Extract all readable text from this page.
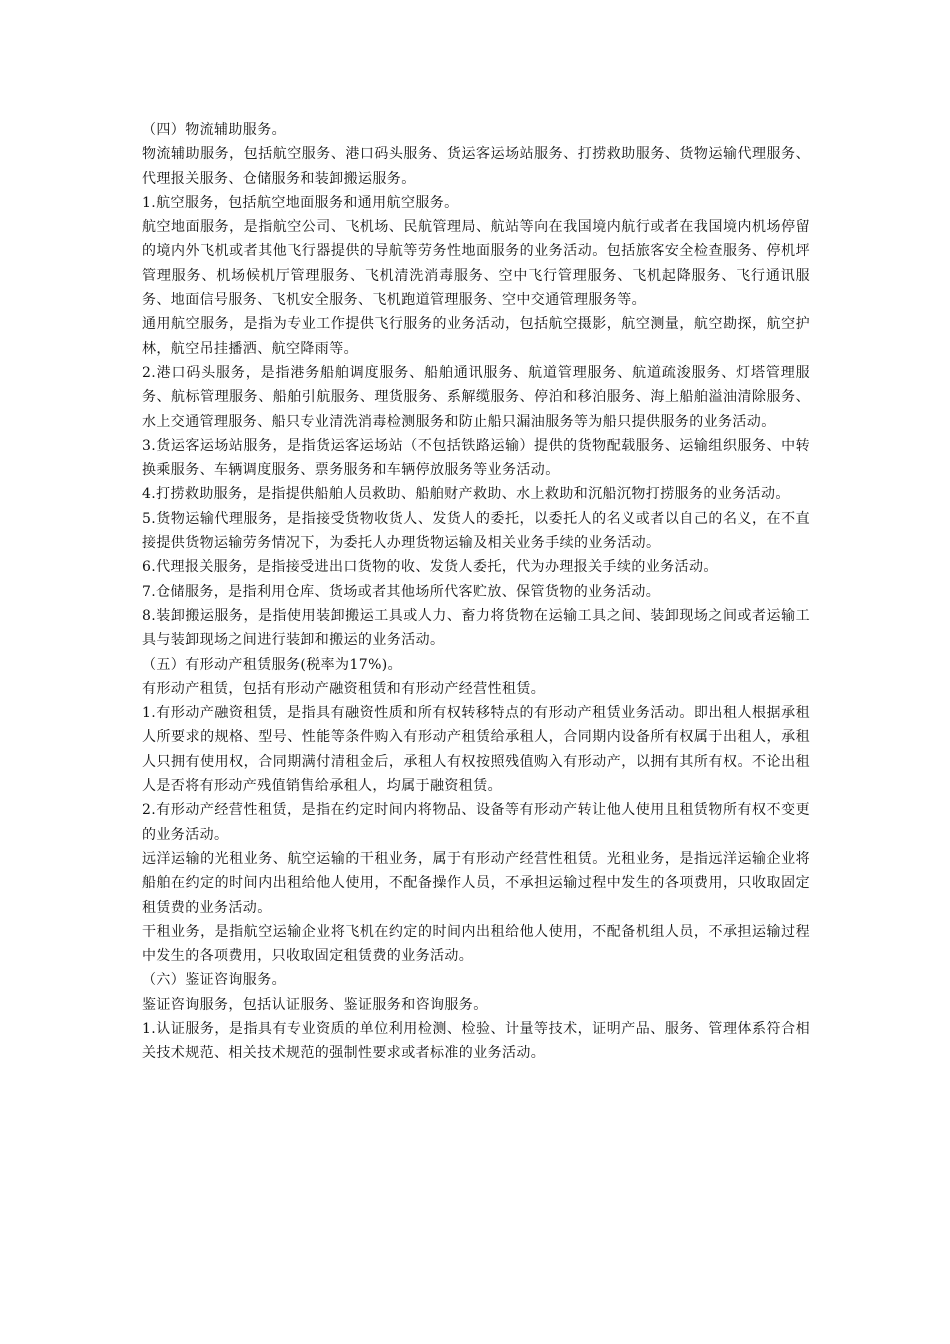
（四）物流辅助服务。

物流辅助服务，包括航空服务、港口码头服务、货运客运场站服务、打捞救助服务、货物运输代理服务、代理报关服务、仓储服务和装卸搬运服务。

1.航空服务，包括航空地面服务和通用航空服务。

航空地面服务，是指航空公司、飞机场、民航管理局、航站等向在我国境内航行或者在我国境内机场停留的境内外飞机或者其他飞行器提供的导航等劳务性地面服务的业务活动。包括旅客安全检查服务、停机坪管理服务、机场候机厅管理服务、飞机清洗消毒服务、空中飞行管理服务、飞机起降服务、飞行通讯服务、地面信号服务、飞机安全服务、飞机跑道管理服务、空中交通管理服务等。

通用航空服务，是指为专业工作提供飞行服务的业务活动，包括航空摄影，航空测量，航空勘探，航空护林，航空吊挂播洒、航空降雨等。

2.港口码头服务，是指港务船舶调度服务、船舶通讯服务、航道管理服务、航道疏浚服务、灯塔管理服务、航标管理服务、船舶引航服务、理货服务、系解缆服务、停泊和移泊服务、海上船舶溢油清除服务、水上交通管理服务、船只专业清洗消毒检测服务和防止船只漏油服务等为船只提供服务的业务活动。

3.货运客运场站服务，是指货运客运场站（不包括铁路运输）提供的货物配载服务、运输组织服务、中转换乘服务、车辆调度服务、票务服务和车辆停放服务等业务活动。

4.打捞救助服务，是指提供船舶人员救助、船舶财产救助、水上救助和沉船沉物打捞服务的业务活动。

5.货物运输代理服务，是指接受货物收货人、发货人的委托，以委托人的名义或者以自己的名义，在不直接提供货物运输劳务情况下，为委托人办理货物运输及相关业务手续的业务活动。

6.代理报关服务，是指接受进出口货物的收、发货人委托，代为办理报关手续的业务活动。

7.仓储服务，是指利用仓库、货场或者其他场所代客贮放、保管货物的业务活动。

8.装卸搬运服务，是指使用装卸搬运工具或人力、畜力将货物在运输工具之间、装卸现场之间或者运输工具与装卸现场之间进行装卸和搬运的业务活动。

（五）有形动产租赁服务(税率为17%)。

有形动产租赁，包括有形动产融资租赁和有形动产经营性租赁。

1.有形动产融资租赁，是指具有融资性质和所有权转移特点的有形动产租赁业务活动。即出租人根据承租人所要求的规格、型号、性能等条件购入有形动产租赁给承租人，合同期内设备所有权属于出租人，承租人只拥有使用权，合同期满付清租金后，承租人有权按照残值购入有形动产，以拥有其所有权。不论出租人是否将有形动产残值销售给承租人，均属于融资租赁。

2.有形动产经营性租赁，是指在约定时间内将物品、设备等有形动产转让他人使用且租赁物所有权不变更的业务活动。

远洋运输的光租业务、航空运输的干租业务，属于有形动产经营性租赁。光租业务，是指远洋运输企业将船舶在约定的时间内出租给他人使用，不配备操作人员，不承担运输过程中发生的各项费用，只收取固定租赁费的业务活动。

干租业务，是指航空运输企业将飞机在约定的时间内出租给他人使用，不配备机组人员，不承担运输过程中发生的各项费用，只收取固定租赁费的业务活动。

（六）鉴证咨询服务。

鉴证咨询服务，包括认证服务、鉴证服务和咨询服务。

1.认证服务，是指具有专业资质的单位利用检测、检验、计量等技术，证明产品、服务、管理体系符合相关技术规范、相关技术规范的强制性要求或者标准的业务活动。
